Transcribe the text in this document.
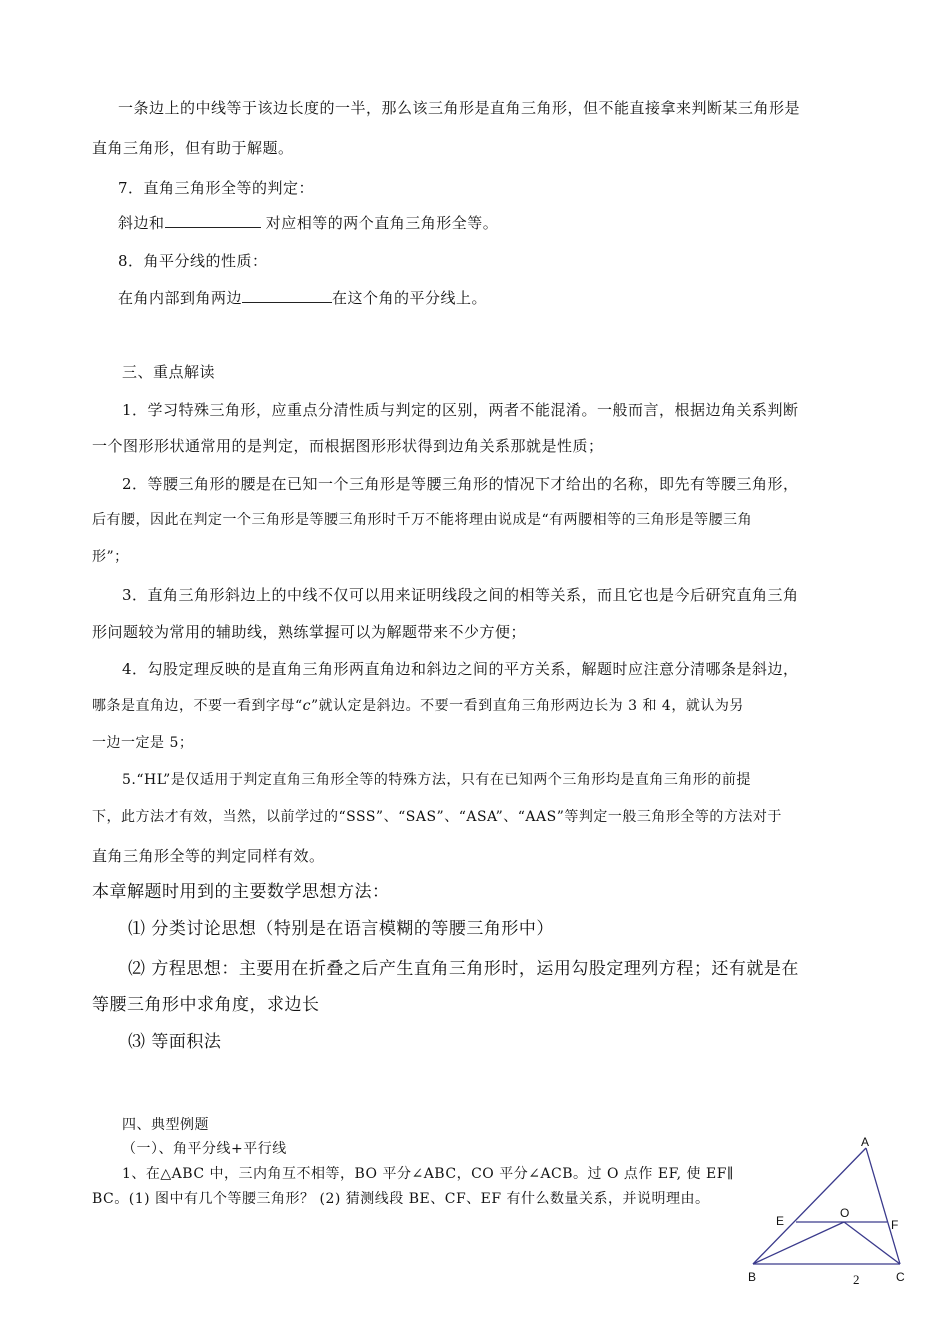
一条边上的中线等于该边长度的一半，那么该三角形是直角三角形，但不能直接拿来判断某三角形是
直角三角形，但有助于解题。
7．直角三角形全等的判定：
斜边和	对应相等的两个直角三角形全等。
8．角平分线的性质：
在角内部到角两边	在这个角的平分线上。
三、重点解读
1．学习特殊三角形，应重点分清性质与判定的区别，两者不能混淆。一般而言，根据边角关系判断
一个图形形状通常用的是判定，而根据图形形状得到边角关系那就是性质；
2．等腰三角形的腰是在已知一个三角形是等腰三角形的情况下才给出的名称，即先有等腰三角形，
后有腰，因此在判定一个三角形是等腰三角形时千万不能将理由说成是“有两腰相等的三角形是等腰三角
形”；
3．直角三角形斜边上的中线不仅可以用来证明线段之间的相等关系，而且它也是今后研究直角三角
形问题较为常用的辅助线，熟练掌握可以为解题带来不少方便；
4．勾股定理反映的是直角三角形两直角边和斜边之间的平方关系，解题时应注意分清哪条是斜边，
哪条是直角边，不要一看到字母“c”就认定是斜边。不要一看到直角三角形两边长为 3 和 4，就认为另
一边一定是 5；
5.“HL”是仅适用于判定直角三角形全等的特殊方法，只有在已知两个三角形均是直角三角形的前提
下，此方法才有效，当然，以前学过的“SSS”、“SAS”、“ASA”、“AAS”等判定一般三角形全等的方法对于
直角三角形全等的判定同样有效。
本章解题时用到的主要数学思想方法：
⑴ 分类讨论思想（特别是在语言模糊的等腰三角形中）
⑵ 方程思想：主要用在折叠之后产生直角三角形时，运用勾股定理列方程；还有就是在
等腰三角形中求角度，求边长
⑶ 等面积法
四、典型例题
（一）、角平分线+平行线
1、在△ABC 中，三内角互不相等，BO 平分∠ABC，CO 平分∠ACB。过 O 点作 EF, 使 EF∥
BC。(1) 图中有几个等腰三角形？ (2) 猜测线段 BE、CF、EF 有什么数量关系，并说明理由。
A
E
O
F
B	C
2
